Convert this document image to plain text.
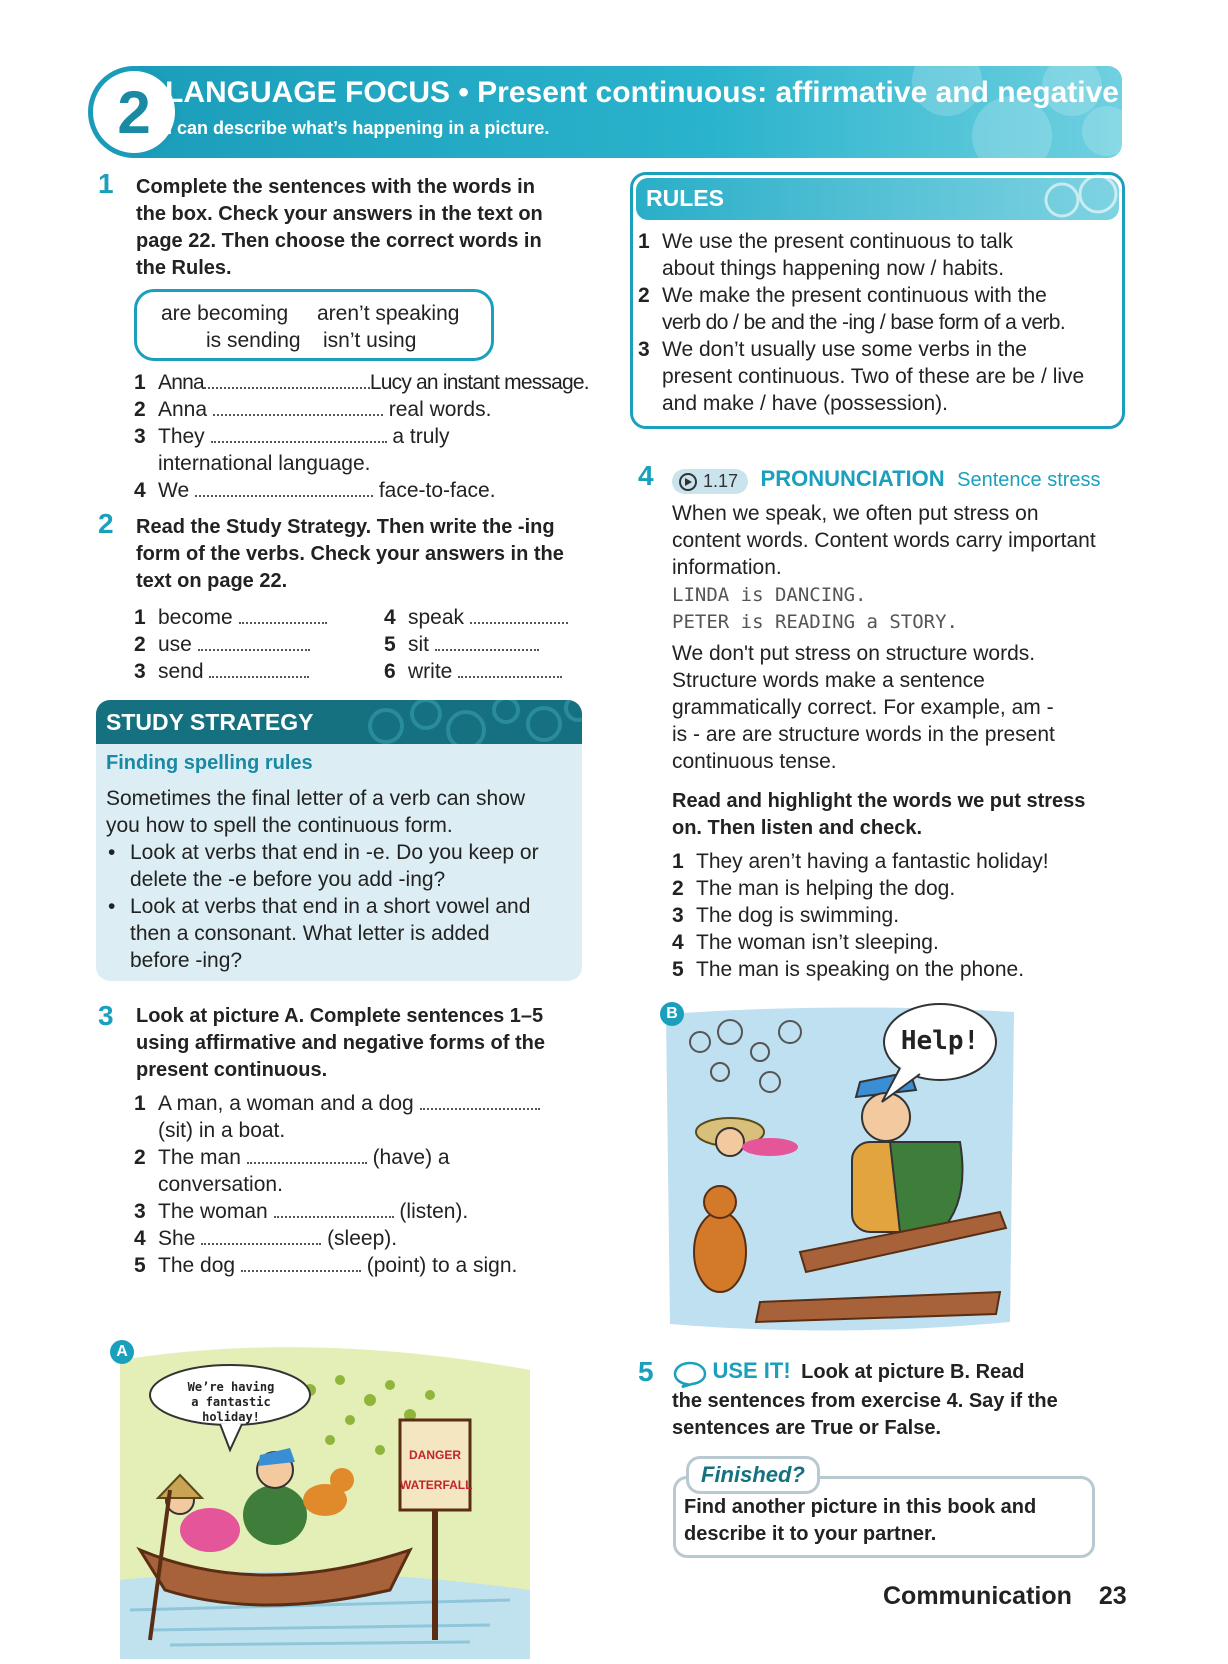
2 LANGUAGE FOCUS • Present continuous: affirmative and negative
I can describe what’s happening in a picture.
1 Complete the sentences with the words in
the box. Check your answers in the text on
page 22. Then choose the correct words in
the Rules.
are becoming aren’t speaking
is sending isn’t using
1 Anna	Lucy an instant message.
2 Anna	real words.
3 They	a truly
international language.
4 We	face-to-face.
2 Read the Study Strategy. Then write the -ing
form of the verbs. Check your answers in the
text on page 22.
1 become
2 use
3 send
4 speak
5 sit
6 write
STUDY STRATEGY
Finding spelling rules
Sometimes the final letter of a verb can show
you how to spell the continuous form.
• Look at verbs that end in -e. Do you keep or
delete the -e before you add -ing?
• Look at verbs that end in a short vowel and
then a consonant. What letter is added
before -ing?
3 Look at picture A. Complete sentences 1–5
using affirmative and negative forms of the
present continuous.
1 A man, a woman and a dog
(sit) in a boat.
2 The man	(have) a
conversation.
3 The woman	(listen).
4 She	(sleep).
5 The dog	(point) to a sign.
A
We’re having
a fantastic holiday!
DANGER
WATERFALL
RULES
1 We use the present continuous to talk
about things happening now / habits.
2 We make the present continuous with the
verb do / be and the -ing / base form of a verb.
3 We don’t usually use some verbs in the
present continuous. Two of these are be / live
and make / have (possession).
4	1.17 PRONUNCIATION Sentence stress
When we speak, we often put stress on
content words. Content words carry important
information.
LINDA is DANCING.
PETER is READING a STORY.
We don't put stress on structure words.
Structure words make a sentence
grammatically correct. For example, am -
is - are are structure words in the present
continuous tense.
Read and highlight the words we put stress
on. Then listen and check.
1 They aren’t having a fantastic holiday!
2 The man is helping the dog.
3 The dog is swimming.
4 The woman isn’t sleeping.
5 The man is speaking on the phone.
B
Help!
5	USE IT! Look at picture B. Read
the sentences from exercise 4. Say if the
sentences are True or False.
Finished?
Find another picture in this book and
describe it to your partner.
Communication 23
